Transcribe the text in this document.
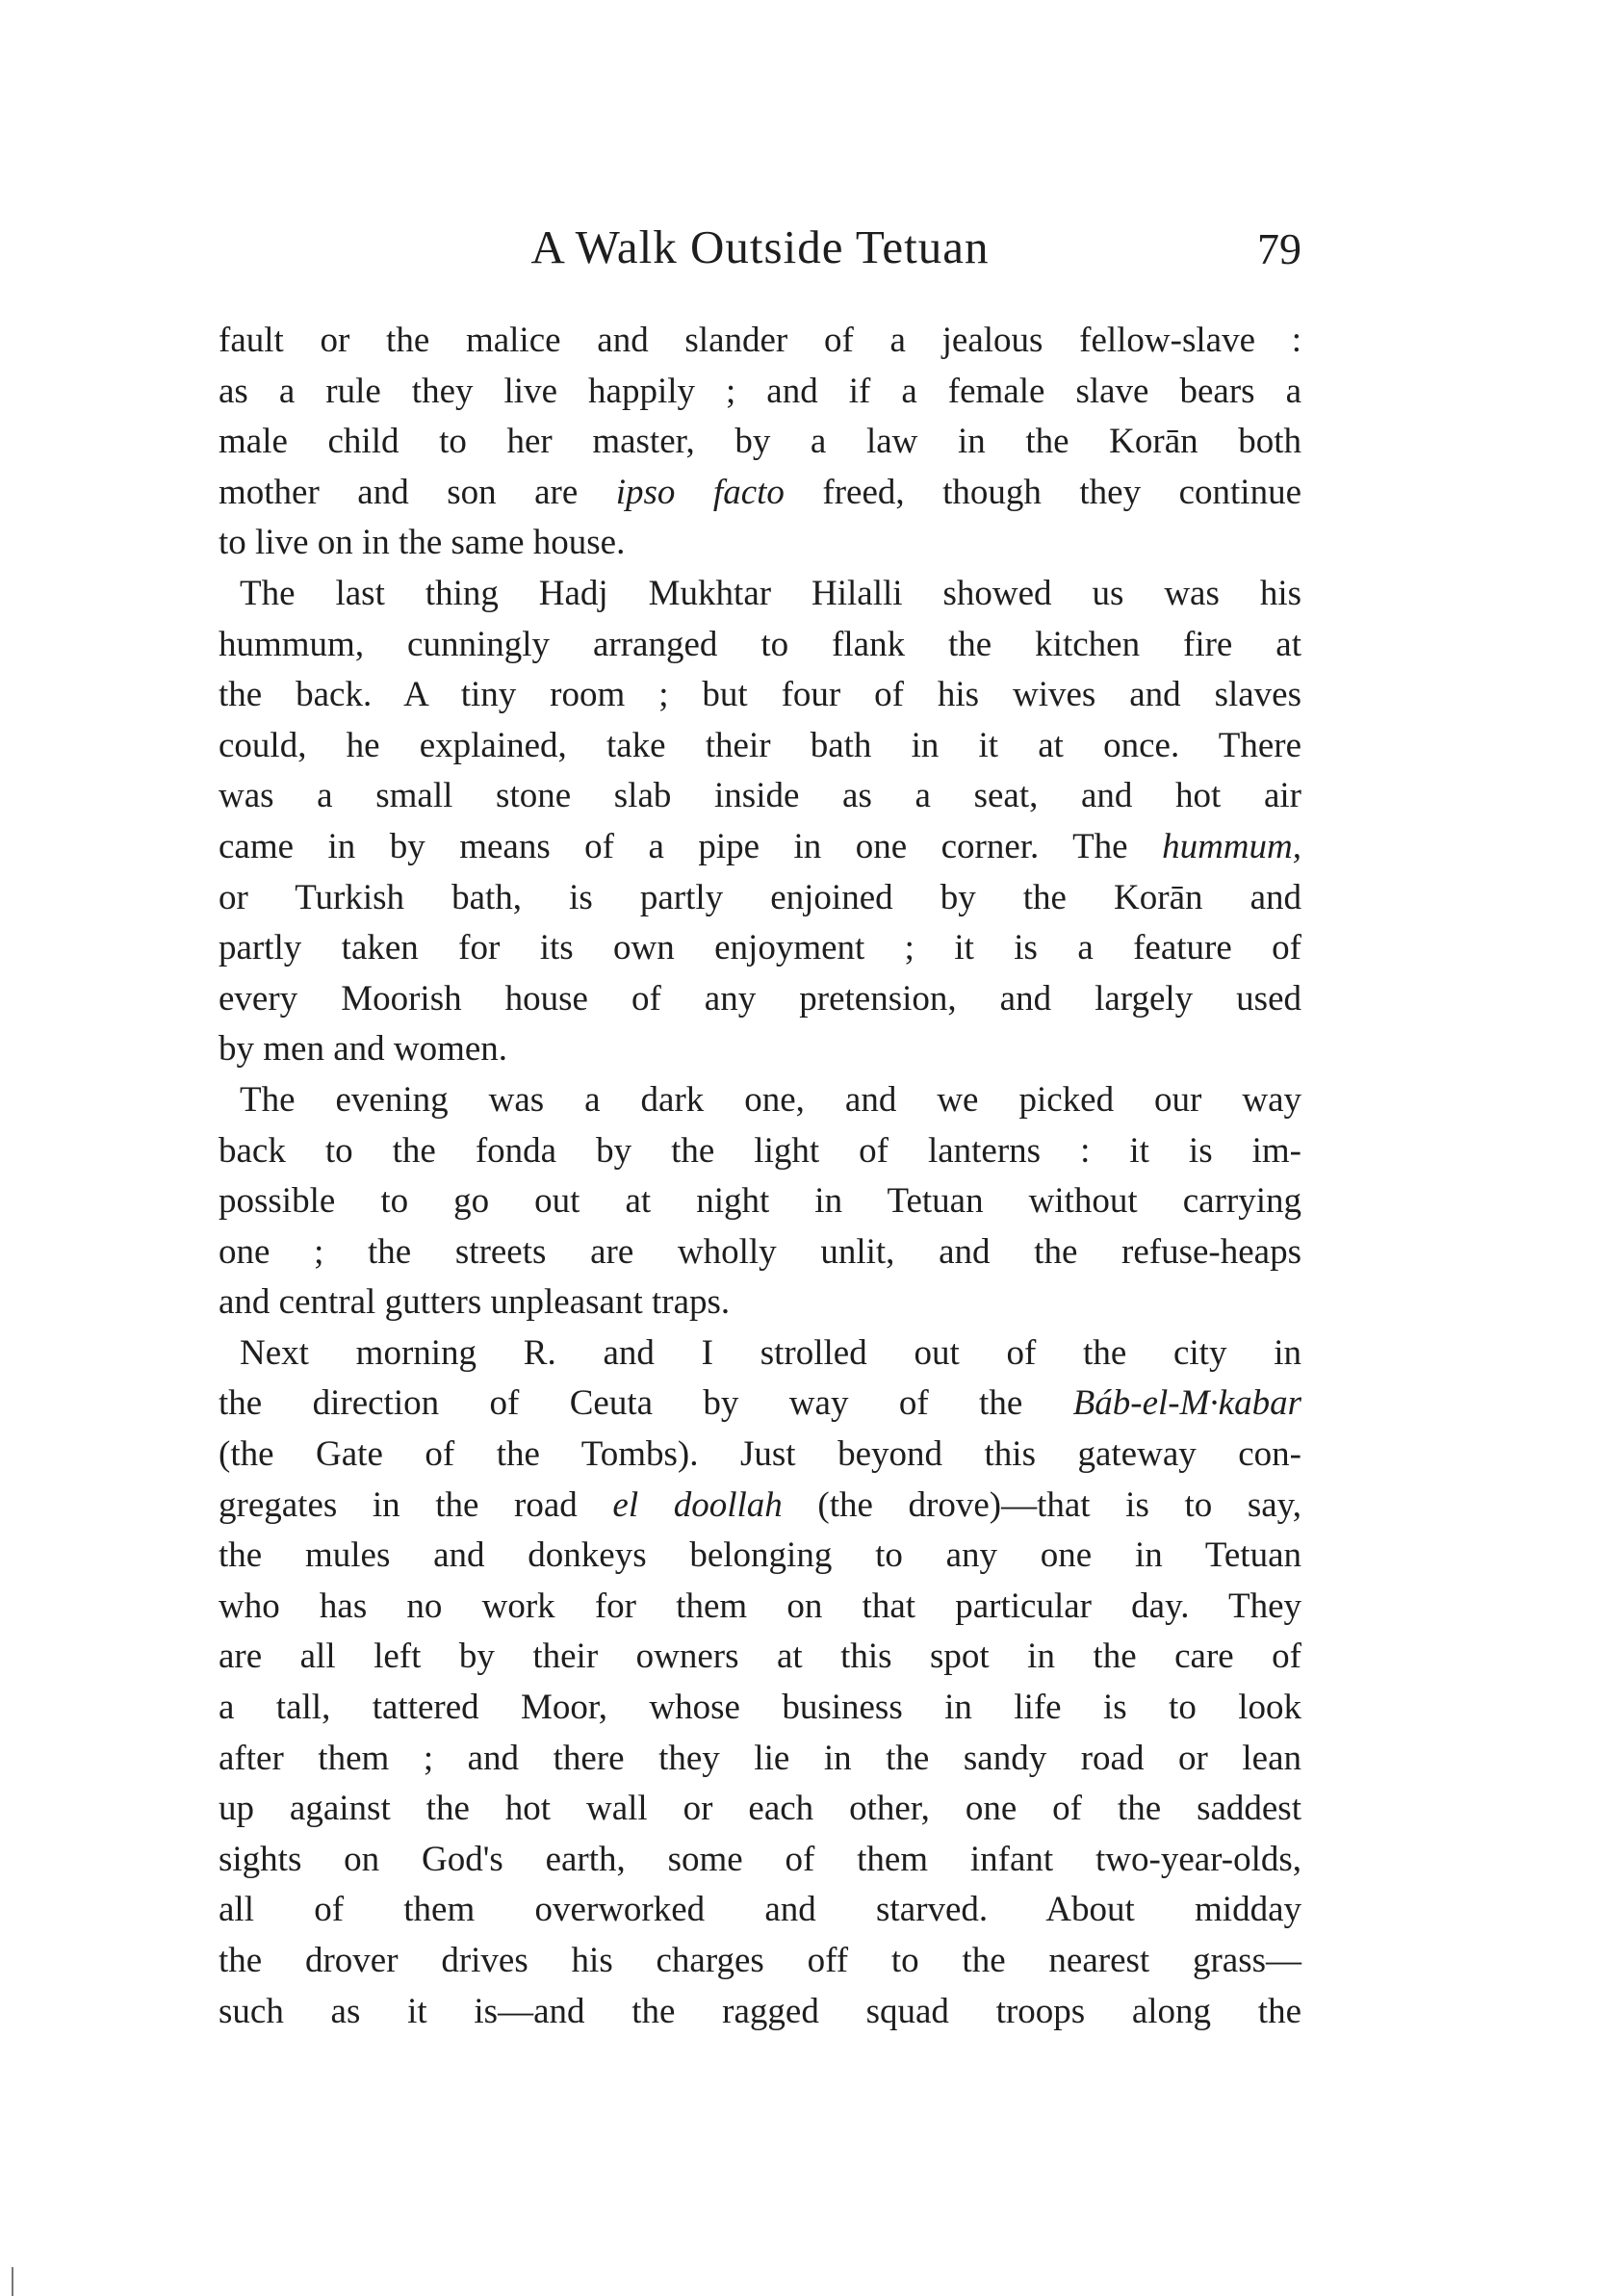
A Walk Outside Tetuan	79
fault or the malice and slander of a jealous fellow-slave :
as a rule they live happily ; and if a female slave bears a
male child to her master, by a law in the Korān both
mother and son are ipso facto freed, though they continue
to live on in the same house.
The last thing Hadj Mukhtar Hilalli showed us was his
hummum, cunningly arranged to flank the kitchen fire at
the back. A tiny room ; but four of his wives and slaves
could, he explained, take their bath in it at once. There
was a small stone slab inside as a seat, and hot air
came in by means of a pipe in one corner. The hummum,
or Turkish bath, is partly enjoined by the Korān and
partly taken for its own enjoyment ; it is a feature of
every Moorish house of any pretension, and largely used
by men and women.
The evening was a dark one, and we picked our way
back to the fonda by the light of lanterns : it is im-
possible to go out at night in Tetuan without carrying
one ; the streets are wholly unlit, and the refuse-heaps
and central gutters unpleasant traps.
Next morning R. and I strolled out of the city in
the direction of Ceuta by way of the Báb-el-M·kabar
(the Gate of the Tombs). Just beyond this gateway con-
gregates in the road el doollah (the drove)—that is to say,
the mules and donkeys belonging to any one in Tetuan
who has no work for them on that particular day. They
are all left by their owners at this spot in the care of
a tall, tattered Moor, whose business in life is to look
after them ; and there they lie in the sandy road or lean
up against the hot wall or each other, one of the saddest
sights on God's earth, some of them infant two-year-olds,
all of them overworked and starved. About midday
the drover drives his charges off to the nearest grass—
such as it is—and the ragged squad troops along the
